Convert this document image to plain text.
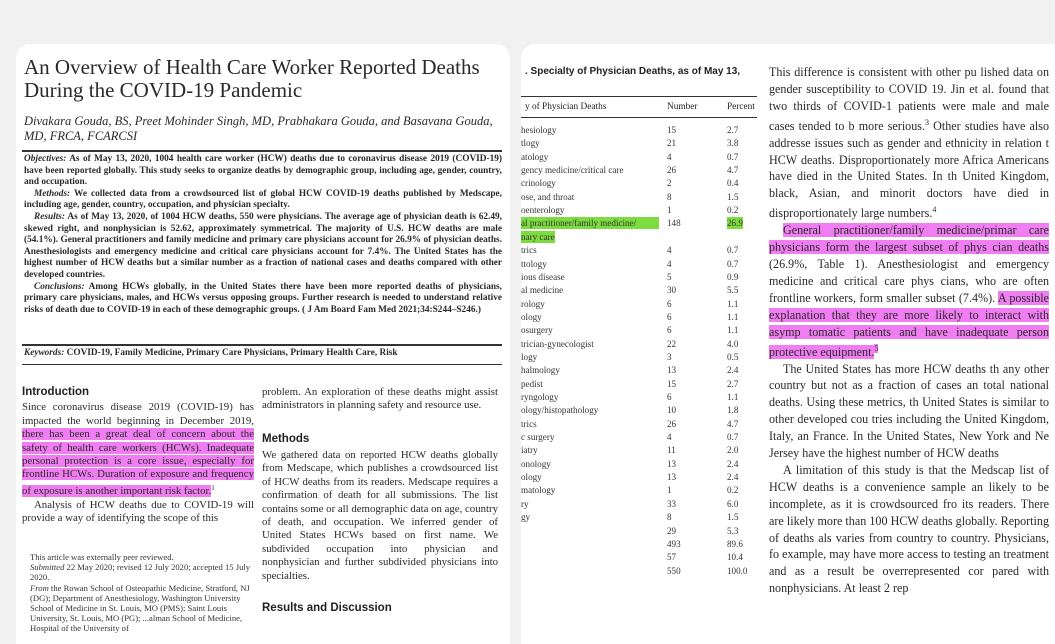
An Overview of Health Care Worker Reported Deaths During the COVID-19 Pandemic
Divakara Gouda, BS, Preet Mohinder Singh, MD, Prabhakara Gouda, and Basavana Gouda, MD, FRCA, FCARCSI

Objectives: As of May 13, 2020, 1004 health care worker (HCW) deaths due to coronavirus disease 2019 (COVID-19) have been reported globally. This study seeks to organize deaths by demographic group, including age, gender, country, and occupation.

Methods: We collected data from a crowdsourced list of global HCW COVID-19 deaths published by Medscape, including age, gender, country, occupation, and physician specialty.

Results: As of May 13, 2020, of 1004 HCW deaths, 550 were physicians. The average age of physician death is 62.49, skewed right, and nonphysician is 52.62, approximately symmetrical. The majority of U.S. HCW deaths are male (54.1%). General practitioners and family medicine and primary care physicians account for 26.9% of physician deaths. Anesthesiologists and emergency medicine and critical care physicians account for 7.4%. The United States has the highest number of HCW deaths but a similar number as a fraction of national cases and deaths compared with other developed countries.

Conclusions: Among HCWs globally, in the United States there have been more reported deaths of physicians, primary care physicians, males, and HCWs versus opposing groups. Further research is needed to understand relative risks of death due to COVID-19 in each of these demographic groups. ( J Am Board Fam Med 2021;34:S244–S246.)

Keywords: COVID-19, Family Medicine, Primary Care Physicians, Primary Health Care, Risk
Introduction

Since coronavirus disease 2019 (COVID-19) has impacted the world beginning in December 2019, there has been a great deal of concern about the safety of health care workers (HCWs). Inadequate personal protection is a core issue, especially for frontline HCWs. Duration of exposure and frequency of exposure is another important risk factor.$^1$

Analysis of HCW deaths due to COVID-19 will provide a way of identifying the scope of this

This article was externally peer reviewed.

Submitted 22 May 2020; revised 12 July 2020; accepted 15 July 2020.

From the Rowan School of Osteopathic Medicine, Stratford, NJ (DG); Department of Anesthesiology, Washington University School of Medicine in St. Louis, MO (PMS); Saint Louis University, St. Louis, MO (PG); ...alman School of Medicine, Hospital of the University of

problem. An exploration of these deaths might assist administrators in planning safety and resource use.
Methods
We gathered data on reported HCW deaths globally from Medscape, which publishes a crowdsourced list of HCW deaths from its readers. Medscape requires a confirmation of death for all submissions. The list contains some or all demographic data on age, country of death, and occupation. We inferred gender of United States HCWs based on first name. We subdivided occupation into physician and nonphysician and further subdivided physicians into specialties.
Results and Discussion
. Specialty of Physician Deaths, as of May 13,
y of Physician Deaths	Number	Percent
hesiology	15	2.7
tlogy	21	3.8
atology	4	0.7
gency medicine/critical care	26	4.7
crinology	2	0.4
ose, and throat	8	1.5
oenterology	1	0.2
al practitioner/family medicine/	148	26.9
nary care
trics	4	0.7
ttology	4	0.7
ious disease	5	0.9
al medicine	30	5.5
rology	6	1.1
ology	6	1.1
osurgery	6	1.1
trician-gynecologist	22	4.0
logy	3	0.5
halmology	13	2.4
pedist	15	2.7
ryngology	6	1.1
ology/histopathology	10	1.8
trics	26	4.7
c surgery	4	0.7
iatry	11	2.0
onology	13	2.4
ology	13	2.4
matology	1	0.2
ry	33	6.0
gy	8	1.5
29	5.3
493	89.6
57	10.4
550	100.0

This difference is consistent with other pu lished data on gender susceptibility to COVID 19. Jin et al. found that two thirds of COVID-1 patients were male and male cases tended to b more serious.$^3$ Other studies have also addresse issues such as gender and ethnicity in relation t HCW deaths. Disproportionately more Africa Americans have died in the United States. In th United Kingdom, black, Asian, and minorit doctors have died in disproportionately large numbers.$^4$

General practitioner/family medicine/primar care physicians form the largest subset of phys cian deaths (26.9%, Table 1). Anesthesiologist and emergency medicine and critical care phys cians, who are often frontline workers, form smaller subset (7.4%). A possible explanation that they are more likely to interact with asymp tomatic patients and have inadequate person protective equipment.$^5$

The United States has more HCW deaths th any other country but not as a fraction of cases an total national deaths. Using these metrics, th United States is similar to other developed cou tries including the United Kingdom, Italy, an France. In the United States, New York and Ne Jersey have the highest number of HCW deaths

A limitation of this study is that the Medscap list of HCW deaths is a convenience sample an likely to be incomplete, as it is crowdsourced fro its readers. There are likely more than 100 HCW deaths globally. Reporting of deaths als varies from country to country. Physicians, fo example, may have more access to testing an treatment and as a result be overrepresented cor pared with nonphysicians. At least 2 rep
